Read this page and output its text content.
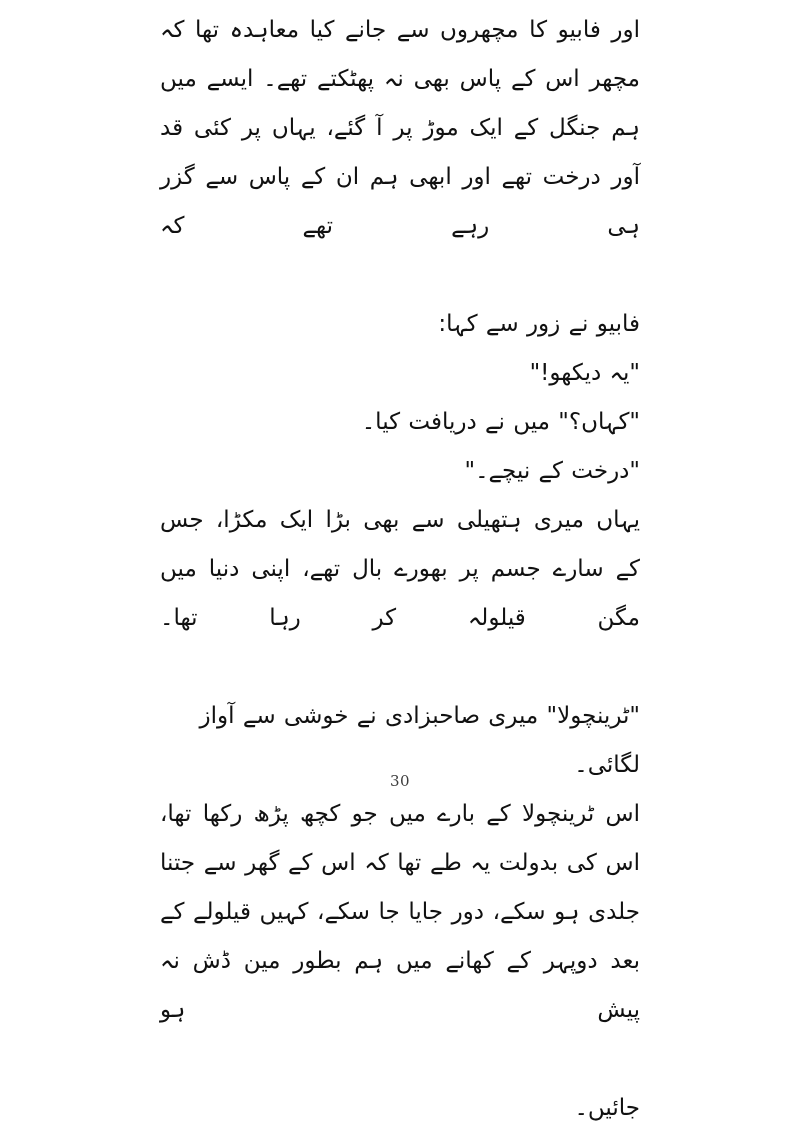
اور فابیو کا مچھروں سے جانے کیا معاہدہ تھا کہ مچھر اس کے پاس بھی نہ پھٹکتے تھے۔ ایسے میں ہم جنگل کے ایک موڑ پر آ گئے، یہاں پر کئی قد آور درخت تھے اور ابھی ہم ان کے پاس سے گزر ہی رہے تھے کہ

فابیو نے زور سے کہا:

"یہ دیکھو!"

"کہاں؟" میں نے دریافت کیا۔

"درخت کے نیچے۔"

یہاں میری ہتھیلی سے بھی بڑا ایک مکڑا، جس کے سارے جسم پر بھورے بال تھے، اپنی دنیا میں مگن قیلولہ کر رہا تھا۔

"ٹرینچولا" میری صاحبزادی نے خوشی سے آواز لگائی۔

اس ٹرینچولا کے بارے میں جو کچھ پڑھ رکھا تھا، اس کی بدولت یہ طے تھا کہ اس کے گھر سے جتنا جلدی ہو سکے، دور جایا جا سکے، کہیں قیلولے کے بعد دوپہر کے کھانے میں ہم بطور مین ڈش نہ پیش ہو

جائیں۔

30
